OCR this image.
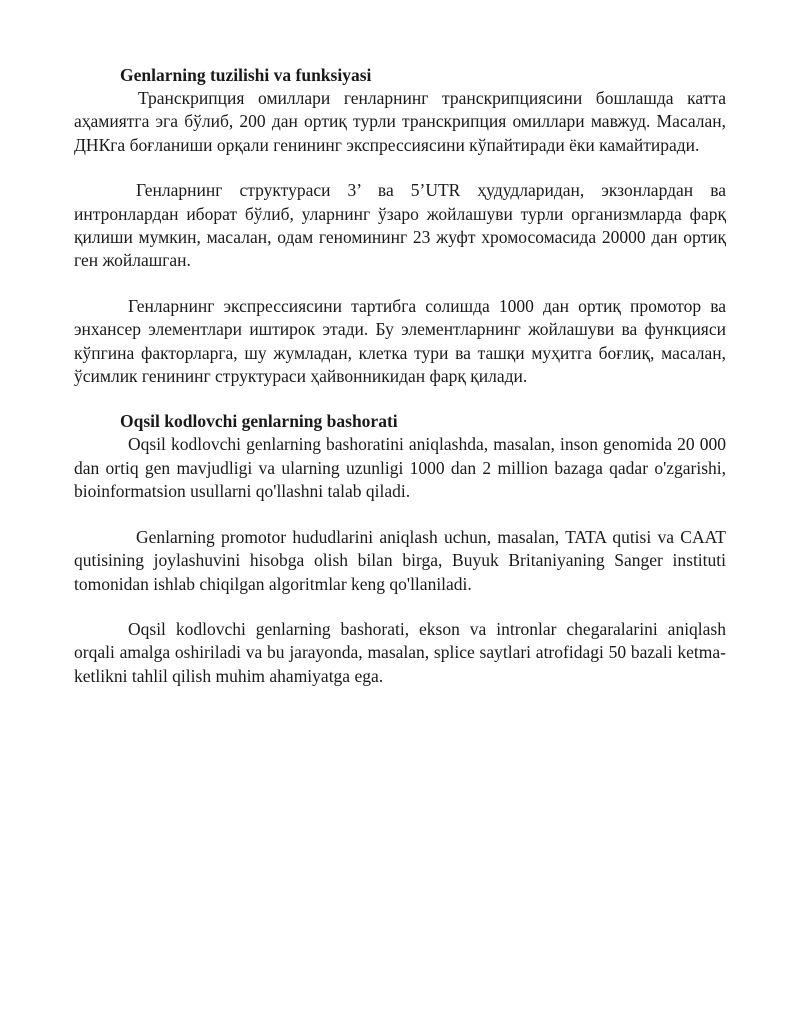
Genlarning tuzilishi va funksiyasi

Транскрипция омиллари генларнинг транскрипциясини бошлашда катта аҳамиятга эга бўлиб, 200 дан ортиқ турли транскрипция омиллари мавжуд. Масалан, ДНКга боғланиши орқали генининг экспрессиясини кўпайтиради ёки камайтиради.

Генларнинг структураси 3’ ва 5’UTR ҳудудларидан, экзонлардан ва интронлардан иборат бўлиб, уларнинг ўзаро жойлашуви турли организмларда фарқ қилиши мумкин, масалан, одам геномининг 23 жуфт хромосомасида 20000 дан ортиқ ген жойлашган.

Генларнинг экспрессиясини тартибга солишда 1000 дан ортиқ промотор ва энхансер элементлари иштирок этади. Бу элементларнинг жойлашуви ва функцияси кўпгина факторларга, шу жумладан, клетка тури ва ташқи муҳитга боғлиқ, масалан, ўсимлик генининг структураси ҳайвонникидан фарқ қилади.

Oqsil kodlovchi genlarning bashorati

Oqsil kodlovchi genlarning bashoratini aniqlashda, masalan, inson genomida 20 000 dan ortiq gen mavjudligi va ularning uzunligi 1000 dan 2 million bazaga qadar o'zgarishi, bioinformatsion usullarni qo'llashni talab qiladi.

Genlarning promotor hududlarini aniqlash uchun, masalan, TATA qutisi va CAAT qutisining joylashuvini hisobga olish bilan birga, Buyuk Britaniyaning Sanger instituti tomonidan ishlab chiqilgan algoritmlar keng qo'llaniladi.

Oqsil kodlovchi genlarning bashorati, ekson va intronlar chegaralarini aniqlash orqali amalga oshiriladi va bu jarayonda, masalan, splice saytlari atrofidagi 50 bazali ketma-ketlikni tahlil qilish muhim ahamiyatga ega.
